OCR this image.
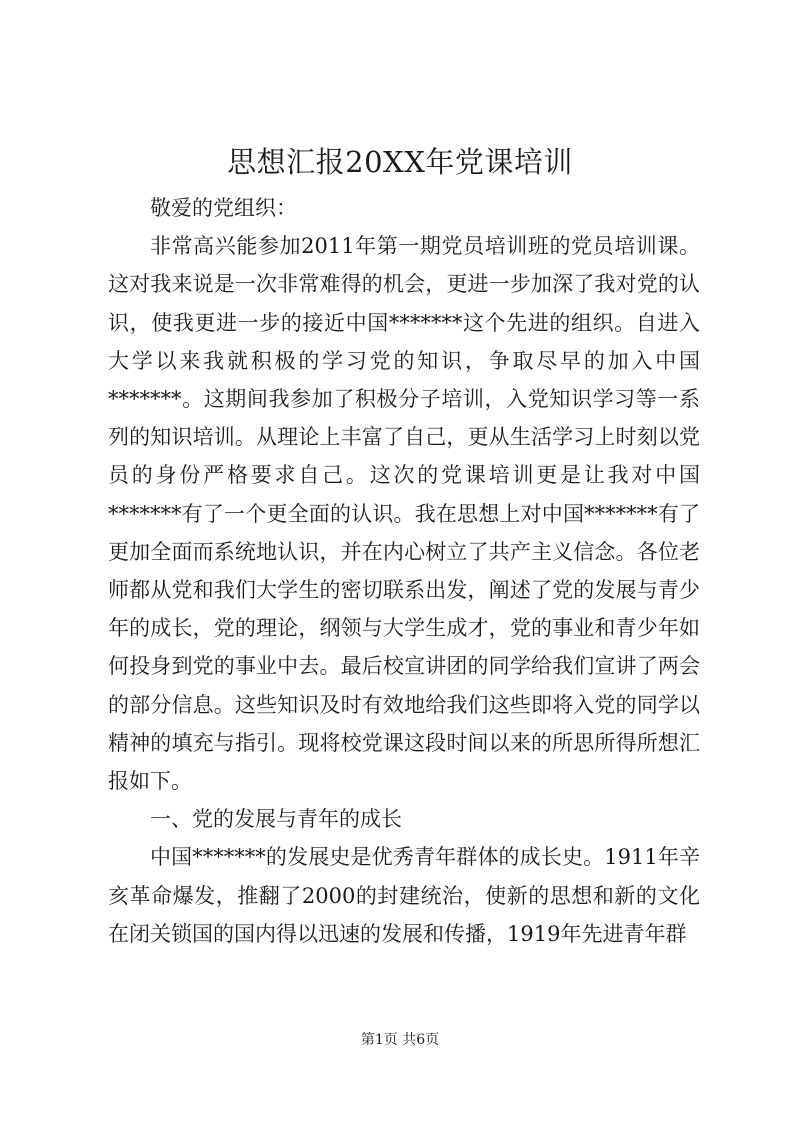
思想汇报20XX年党课培训

敬爱的党组织：

非常高兴能参加2011年第一期党员培训班的党员培训课。这对我来说是一次非常难得的机会，更进一步加深了我对党的认识，使我更进一步的接近中国*******这个先进的组织。自进入大学以来我就积极的学习党的知识，争取尽早的加入中国*******。这期间我参加了积极分子培训，入党知识学习等一系列的知识培训。从理论上丰富了自己，更从生活学习上时刻以党员的身份严格要求自己。这次的党课培训更是让我对中国*******有了一个更全面的认识。我在思想上对中国*******有了更加全面而系统地认识，并在内心树立了共产主义信念。各位老师都从党和我们大学生的密切联系出发，阐述了党的发展与青少年的成长，党的理论，纲领与大学生成才，党的事业和青少年如何投身到党的事业中去。最后校宣讲团的同学给我们宣讲了两会的部分信息。这些知识及时有效地给我们这些即将入党的同学以精神的填充与指引。现将校党课这段时间以来的所思所得所想汇报如下。

一、党的发展与青年的成长

中国*******的发展史是优秀青年群体的成长史。1911年辛亥革命爆发，推翻了2000的封建统治，使新的思想和新的文化在闭关锁国的国内得以迅速的发展和传播，1919年先进青年群

第1页 共6页
